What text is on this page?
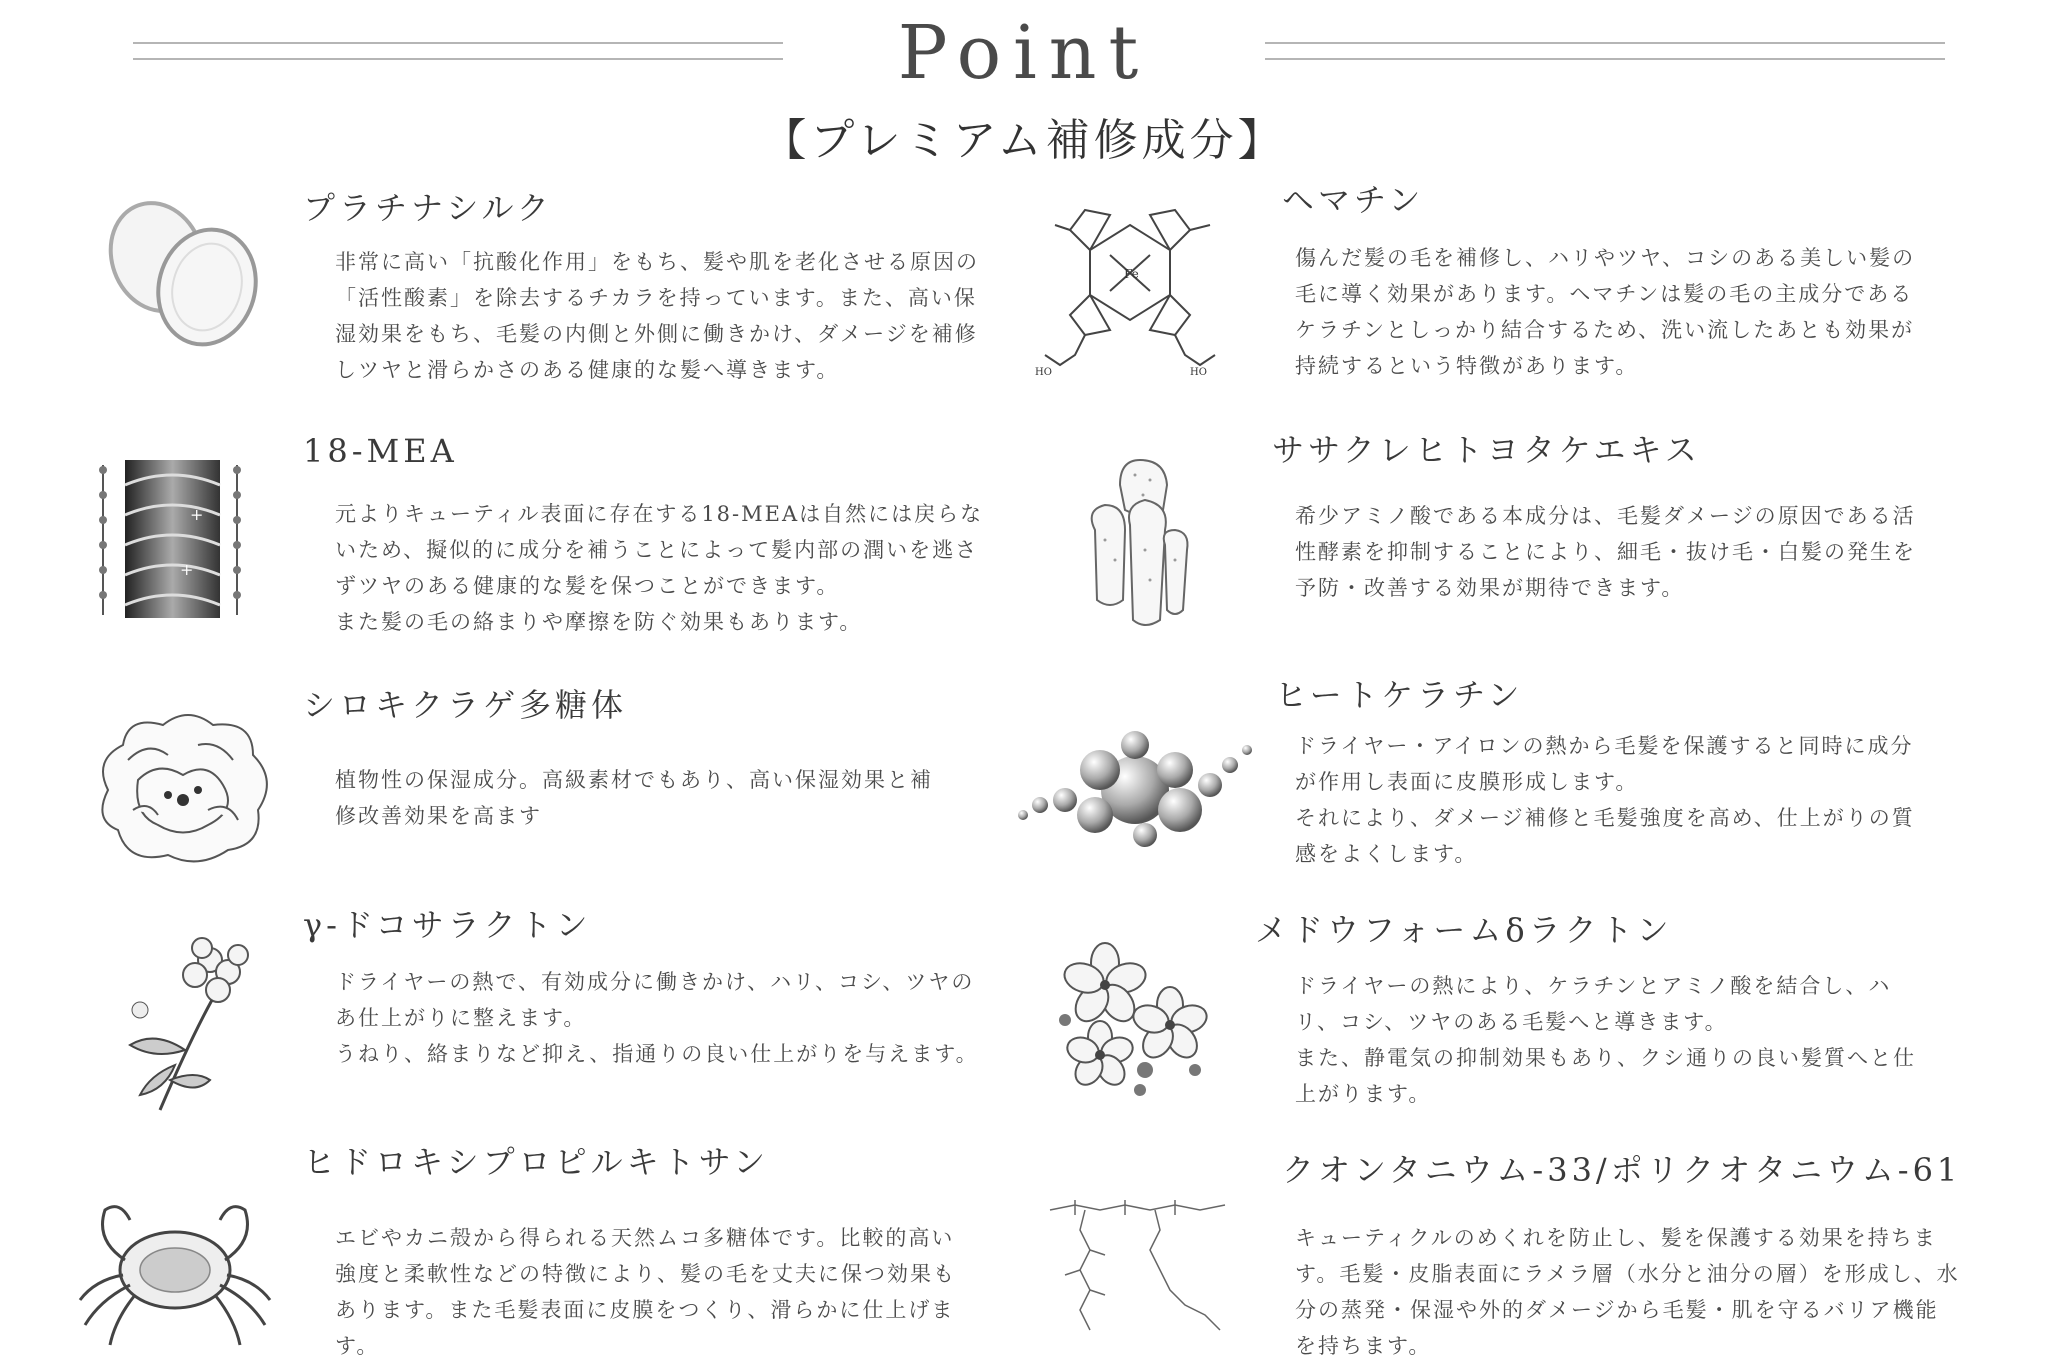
Point
【プレミアム補修成分】
プラチナシルク

非常に高い「抗酸化作用」をもち、髪や肌を老化させる原因の「活性酸素」を除去するチカラを持っています。また、高い保湿効果をもち、毛髪の内側と外側に働きかけ、ダメージを補修しツヤと滑らかさのある健康的な髪へ導きます。

+
+
18-MEA

元よりキューティル表面に存在する18-MEAは自然には戻らないため、擬似的に成分を補うことによって髪内部の潤いを逃さずツヤのある健康的な髪を保つことができます。
また髪の毛の絡まりや摩擦を防ぐ効果もあります。

シロキクラゲ多糖体

植物性の保湿成分。高級素材でもあり、高い保湿効果と補修改善効果を高ます

γ-ドコサラクトン

ドライヤーの熱で、有効成分に働きかけ、ハリ、コシ、ツヤのあ仕上がりに整えます。
うねり、絡まりなど抑え、指通りの良い仕上がりを与えます。

ヒドロキシプロピルキトサン

エビやカニ殻から得られる天然ムコ多糖体です。比較的高い強度と柔軟性などの特徴により、髪の毛を丈夫に保つ効果もあります。また毛髪表面に皮膜をつくり、滑らかに仕上げます。

Fe
HO	HO
ヘマチン

傷んだ髪の毛を補修し、ハリやツヤ、コシのある美しい髪の毛に導く効果があります。ヘマチンは髪の毛の主成分であるケラチンとしっかり結合するため、洗い流したあとも効果が持続するという特徴があります。

ササクレヒトヨタケエキス

希少アミノ酸である本成分は、毛髪ダメージの原因である活性酵素を抑制することにより、細毛・抜け毛・白髪の発生を予防・改善する効果が期待できます。

ヒートケラチン

ドライヤー・アイロンの熱から毛髪を保護すると同時に成分が作用し表面に皮膜形成します。
それにより、ダメージ補修と毛髪強度を高め、仕上がりの質感をよくします。

メドウフォームδラクトン

ドライヤーの熱により、ケラチンとアミノ酸を結合し、ハリ、コシ、ツヤのある毛髪へと導きます。
また、静電気の抑制効果もあり、クシ通りの良い髪質へと仕上がります。

クオンタニウム-33/ポリクオタニウム-61

キューティクルのめくれを防止し、髪を保護する効果を持ちます。毛髪・皮脂表面にラメラ層（水分と油分の層）を形成し、水分の蒸発・保湿や外的ダメージから毛髪・肌を守るバリア機能を持ちます。
